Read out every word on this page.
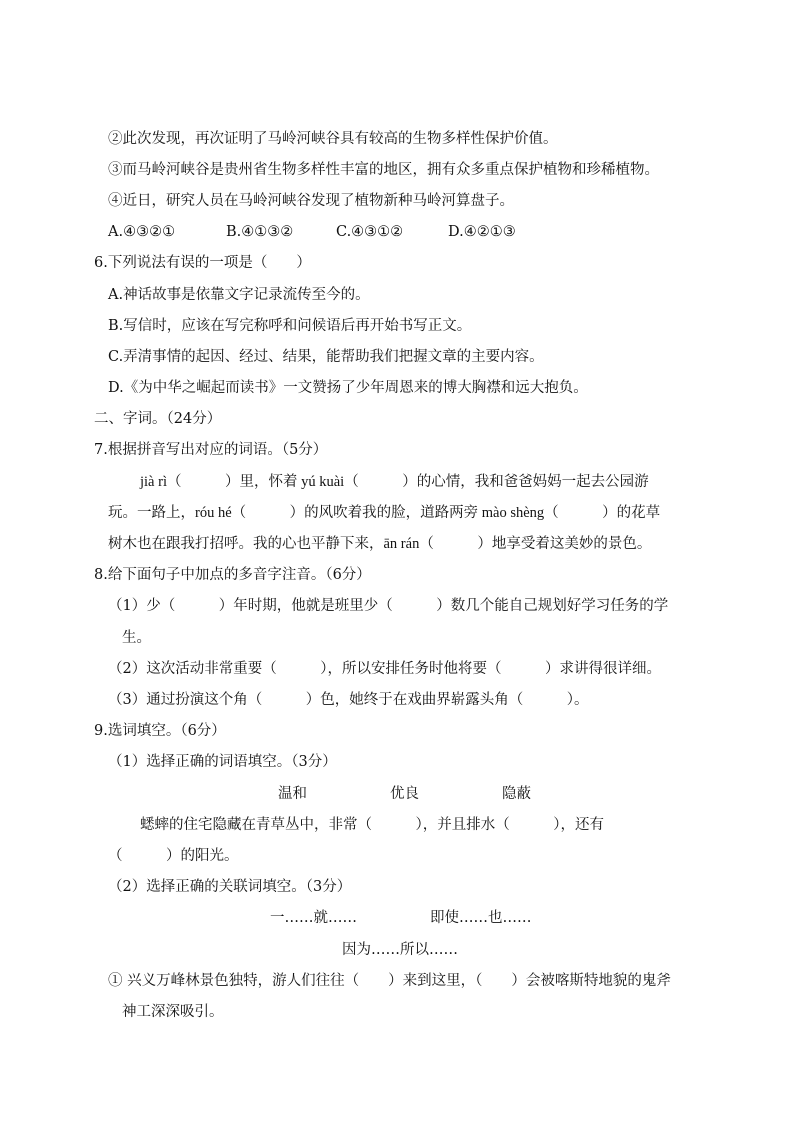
②此次发现，再次证明了马岭河峡谷具有较高的生物多样性保护价值。
③而马岭河峡谷是贵州省生物多样性丰富的地区，拥有众多重点保护植物和珍稀植物。
④近日，研究人员在马岭河峡谷发现了植物新种马岭河算盘子。
A.④③②①	B.④①③②	C.④③①②	D.④②①③
6.下列说法有误的一项是（　　）
A.神话故事是依靠文字记录流传至今的。
B.写信时，应该在写完称呼和问候语后再开始书写正文。
C.弄清事情的起因、经过、结果，能帮助我们把握文章的主要内容。
D.《为中华之崛起而读书》一文赞扬了少年周恩来的博大胸襟和远大抱负。
二、字词。（24分）
7.根据拼音写出对应的词语。（5分）
jià rì（　　　）里，怀着 yú kuài（　　　）的心情，我和爸爸妈妈一起去公园游
玩。一路上，róu hé（　　　）的风吹着我的脸，道路两旁 mào shèng（　　　）的花草
树木也在跟我打招呼。我的心也平静下来，ān rán（　　　）地享受着这美妙的景色。
8.给下面句子中加点的多音字注音。（6分）
（1）少（　　　）年时期，他就是班里少（　　　）数几个能自己规划好学习任务的学
生。
（2）这次活动非常重要（　　　），所以安排任务时他将要（　　　）求讲得很详细。
（3）通过扮演这个角（　　　）色，她终于在戏曲界崭露头角（　　　）。
9.选词填空。（6分）
（1）选择正确的词语填空。（3分）
温和	优良	隐蔽
蟋蟀的住宅隐藏在青草丛中，非常（　　　），并且排水（　　　），还有
（　　　）的阳光。
（2）选择正确的关联词填空。（3分）
一……就……	即使……也……
因为……所以……
① 兴义万峰林景色独特，游人们往往（　　）来到这里，（　　）会被喀斯特地貌的鬼斧
神工深深吸引。
